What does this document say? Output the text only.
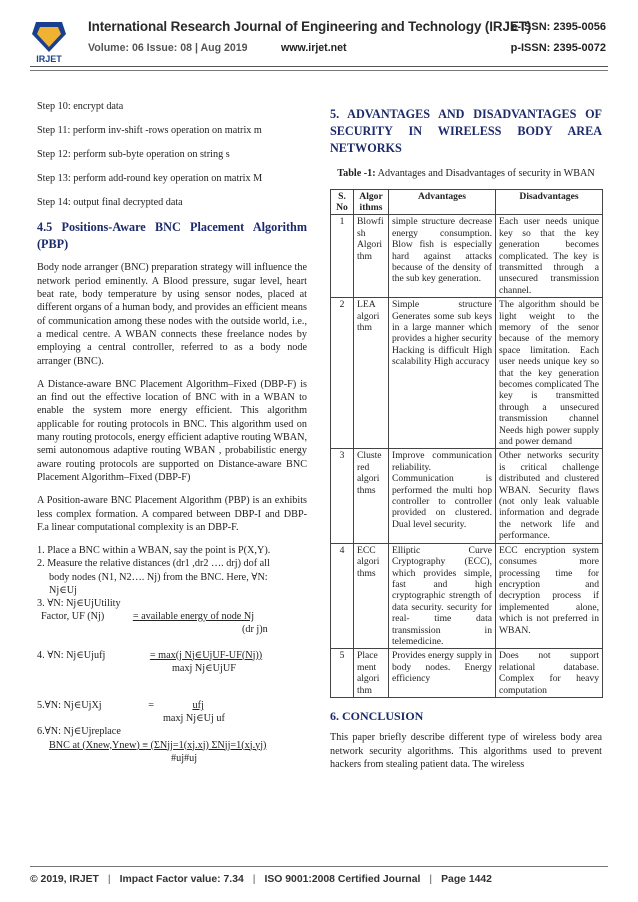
IRJET
International Research Journal of Engineering and Technology (IRJET)
Volume: 06 Issue: 08 | Aug 2019	www.irjet.net
e-ISSN: 2395-0056
p-ISSN: 2395-0072
Step 10: encrypt data
Step 11: perform inv-shift -rows operation on matrix m
Step 12: perform sub-byte operation on string s
Step 13: perform add-round key operation on matrix M
Step 14: output final decrypted data
4.5 Positions-Aware BNC Placement Algorithm (PBP)

Body node arranger (BNC) preparation strategy will influence the network period eminently. A Blood pressure, sugar level, heart beat rate, body temperature by using sensor nodes, placed at different organs of a human body, and provides an efficient means of communication among these nodes with the outside world, i.e., a medical centre. A WBAN connects these freelance nodes by employing a central controller, referred to as a body node arranger (BNC).

A Distance-aware BNC Placement Algorithm–Fixed (DBP-F) is an find out the effective location of BNC with in a WBAN to enable the system more energy efficient. This algorithm applicable for routing protocols in BNC. This algorithm used on many routing protocols, energy efficient adaptive routing WBAN, semi autonomous adaptive routing WBAN , probabilistic energy aware routing protocols are supported on Distance-aware BNC Placement Algorithm–Fixed (DBP-F)

A Position-aware BNC Placement Algorithm (PBP) is an exhibits less complex formation. A compared between DBP-I and DBP-F.a linear computational complexity is an DBP-F.

1. Place a BNC within a WBAN, say the point is P(X,Y).
2. Measure the relative distances (dr1 ,dr2 …. drj) dof all
body nodes (N1, N2…. Nj) from the BNC. Here, ∀N:
Nj∈Uj
3. ∀N: Nj∈UjUtility
Factor, UF (Nj)	= available energy of node Nj
(dr j)n
4. ∀N: Nj∈Ujufj	= max(j Nj∈UjUF-UF(Nj))
maxj Nj∈UjUF
5.∀N: Nj∈UjXj	=	ufj
maxj Nj∈Uj uf
6.∀N: Nj∈Ujreplace
BNC at (Xnew,Ynew) ≡ (ΣNjj=1(xj.xj) ΣNjj=1(xj.yj)
#uj#uj
5. ADVANTAGES AND DISADVANTAGES OF SECURITY IN WIRELESS BODY AREA NETWORKS
Table -1: Advantages and Disadvantages of security in WBAN
S. No	Algor ithms	Advantages	Disadvantages
1	Blowfi sh Algori thm	simple structure decrease energy consumption. Blow fish is especially hard against attacks because of the density of the sub key generation.	Each user needs unique key so that the key generation becomes complicated. The key is transmitted through a unsecured transmission channel.
2	LEA algori thm	Simple structure Generates some sub keys in a large manner which provides a higher security Hacking is difficult High scalability High accuracy	The algorithm should be light weight to the memory of the senor because of the memory space limitation. Each user needs unique key so that the key generation becomes complicated The key is transmitted through a unsecured transmission channel Needs high power supply and power demand
3	Cluste red algori thms	Improve communication reliability. Communication is performed the multi hop controller to controller provided on clustered. Dual level security.	Other networks security is critical challenge distributed and clustered WBAN. Security flaws (not only leak valuable information and degrade the network life and performance.
4	ECC algori thms	Elliptic Curve Cryptography (ECC), which provides simple, fast and high cryptographic strength of data security. security for real- time data transmission in telemedicine.	ECC encryption system consumes more processing time for encryption and decryption process if implemented alone, which is not preferred in WBAN.
5	Place ment algori thm	Provides energy supply in body nodes. Energy efficiency	Does not support relational database. Complex for heavy computation
6. CONCLUSION

This paper briefly describe different type of wireless body area network security algorithms. This algorithms used to prevent hackers from stealing patient data. The wireless

© 2019, IRJET | Impact Factor value: 7.34 | ISO 9001:2008 Certified Journal | Page 1442
